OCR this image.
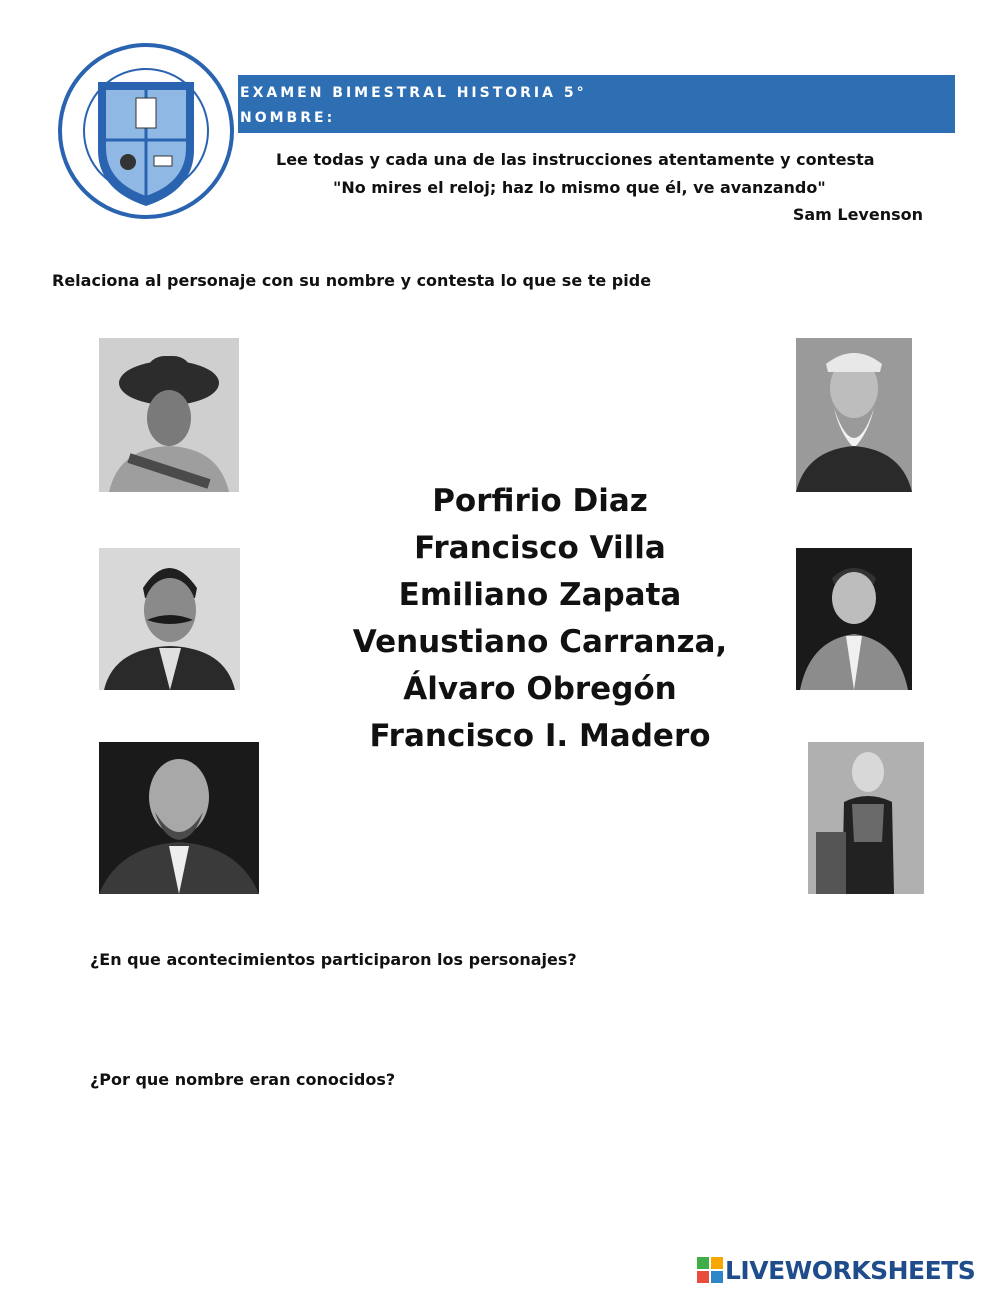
EXAMEN BIMESTRAL HISTORIA 5°
NOMBRE:
Lee todas y cada una de las instrucciones atentamente y contesta
"No mires el reloj; haz lo mismo que él, ve avanzando"
Sam Levenson
Relaciona al personaje con su nombre y contesta lo que se te pide
Porfirio Diaz
Francisco Villa
Emiliano Zapata
Venustiano Carranza,
Álvaro Obregón
Francisco I. Madero
¿En que acontecimientos participaron los personajes?
¿Por que nombre eran conocidos?
LIVEWORKSHEETS
